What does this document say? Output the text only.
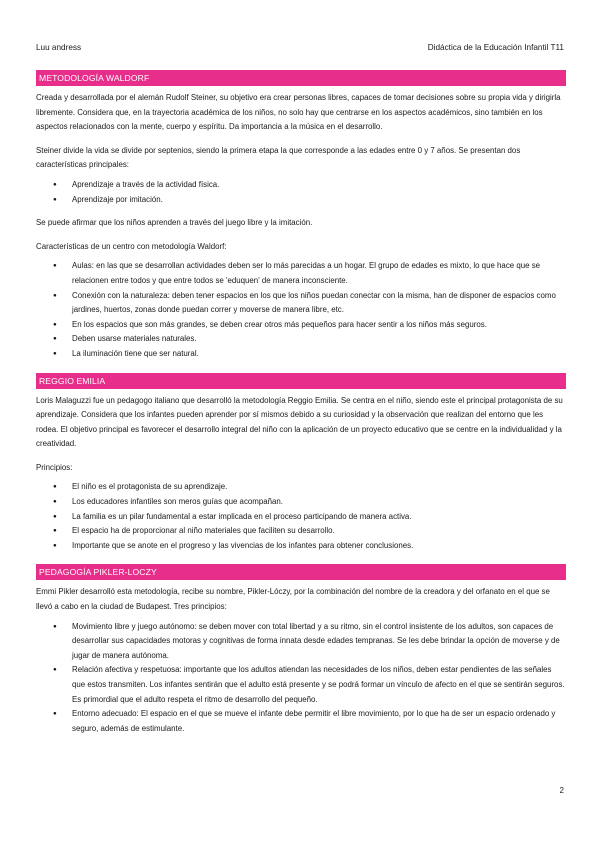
Luu andress	Didáctica de la Educación Infantil T11
METODOLOGÍA WALDORF

Creada y desarrollada por el alemán Rudolf Steiner, su objetivo era crear personas libres, capaces de tomar decisiones sobre su propia vida y dirigirla libremente. Considera que, en la trayectoria académica de los niños, no solo hay que centrarse en los aspectos académicos, sino también en los aspectos relacionados con la mente, cuerpo y espíritu. Da importancia a la música en el desarrollo.

Steiner divide la vida se divide por septenios, siendo la primera etapa la que corresponde a las edades entre 0 y 7 años. Se presentan dos características principales:

● Aprendizaje a través de la actividad física.
● Aprendizaje por imitación.

Se puede afirmar que los niños aprenden a través del juego libre y la imitación.

Características de un centro con metodología Waldorf:

● Aulas: en las que se desarrollan actividades deben ser lo más parecidas a un hogar. El grupo de edades es mixto, lo que hace que se relacionen entre todos y que entre todos se 'eduquen' de manera inconsciente.
● Conexión con la naturaleza: deben tener espacios en los que los niños puedan conectar con la misma, han de disponer de espacios como jardines, huertos, zonas donde puedan correr y moverse de manera libre, etc.
● En los espacios que son más grandes, se deben crear otros más pequeños para hacer sentir a los niños más seguros.
● Deben usarse materiales naturales.
● La iluminación tiene que ser natural.
REGGIO EMILIA

Loris Malaguzzi fue un pedagogo italiano que desarrolló la metodología Reggio Emilia. Se centra en el niño, siendo este el principal protagonista de su aprendizaje. Considera que los infantes pueden aprender por sí mismos debido a su curiosidad y la observación que realizan del entorno que les rodea. El objetivo principal es favorecer el desarrollo integral del niño con la aplicación de un proyecto educativo que se centre en la individualidad y la creatividad.

Principios:

● El niño es el protagonista de su aprendizaje.
● Los educadores infantiles son meros guías que acompañan.
● La familia es un pilar fundamental a estar implicada en el proceso participando de manera activa.
● El espacio ha de proporcionar al niño materiales que faciliten su desarrollo.
● Importante que se anote en el progreso y las vivencias de los infantes para obtener conclusiones.
PEDAGOGÍA PIKLER-LOCZY

Emmi Pikler desarrolló esta metodología, recibe su nombre, Pikler-Lóczy, por la combinación del nombre de la creadora y del orfanato en el que se llevó a cabo en la ciudad de Budapest. Tres principios:

● Movimiento libre y juego autónomo: se deben mover con total libertad y a su ritmo, sin el control insistente de los adultos, son capaces de desarrollar sus capacidades motoras y cognitivas de forma innata desde edades tempranas. Se les debe brindar la opción de moverse y de jugar de manera autónoma.
● Relación afectiva y respetuosa: importante que los adultos atiendan las necesidades de los niños, deben estar pendientes de las señales que estos transmiten. Los infantes sentirán que el adulto está presente y se podrá formar un vínculo de afecto en el que se sentirán seguros. Es primordial que el adulto respeta el ritmo de desarrollo del pequeño.
● Entorno adecuado: El espacio en el que se mueve el infante debe permitir el libre movimiento, por lo que ha de ser un espacio ordenado y seguro, además de estimulante.
2
